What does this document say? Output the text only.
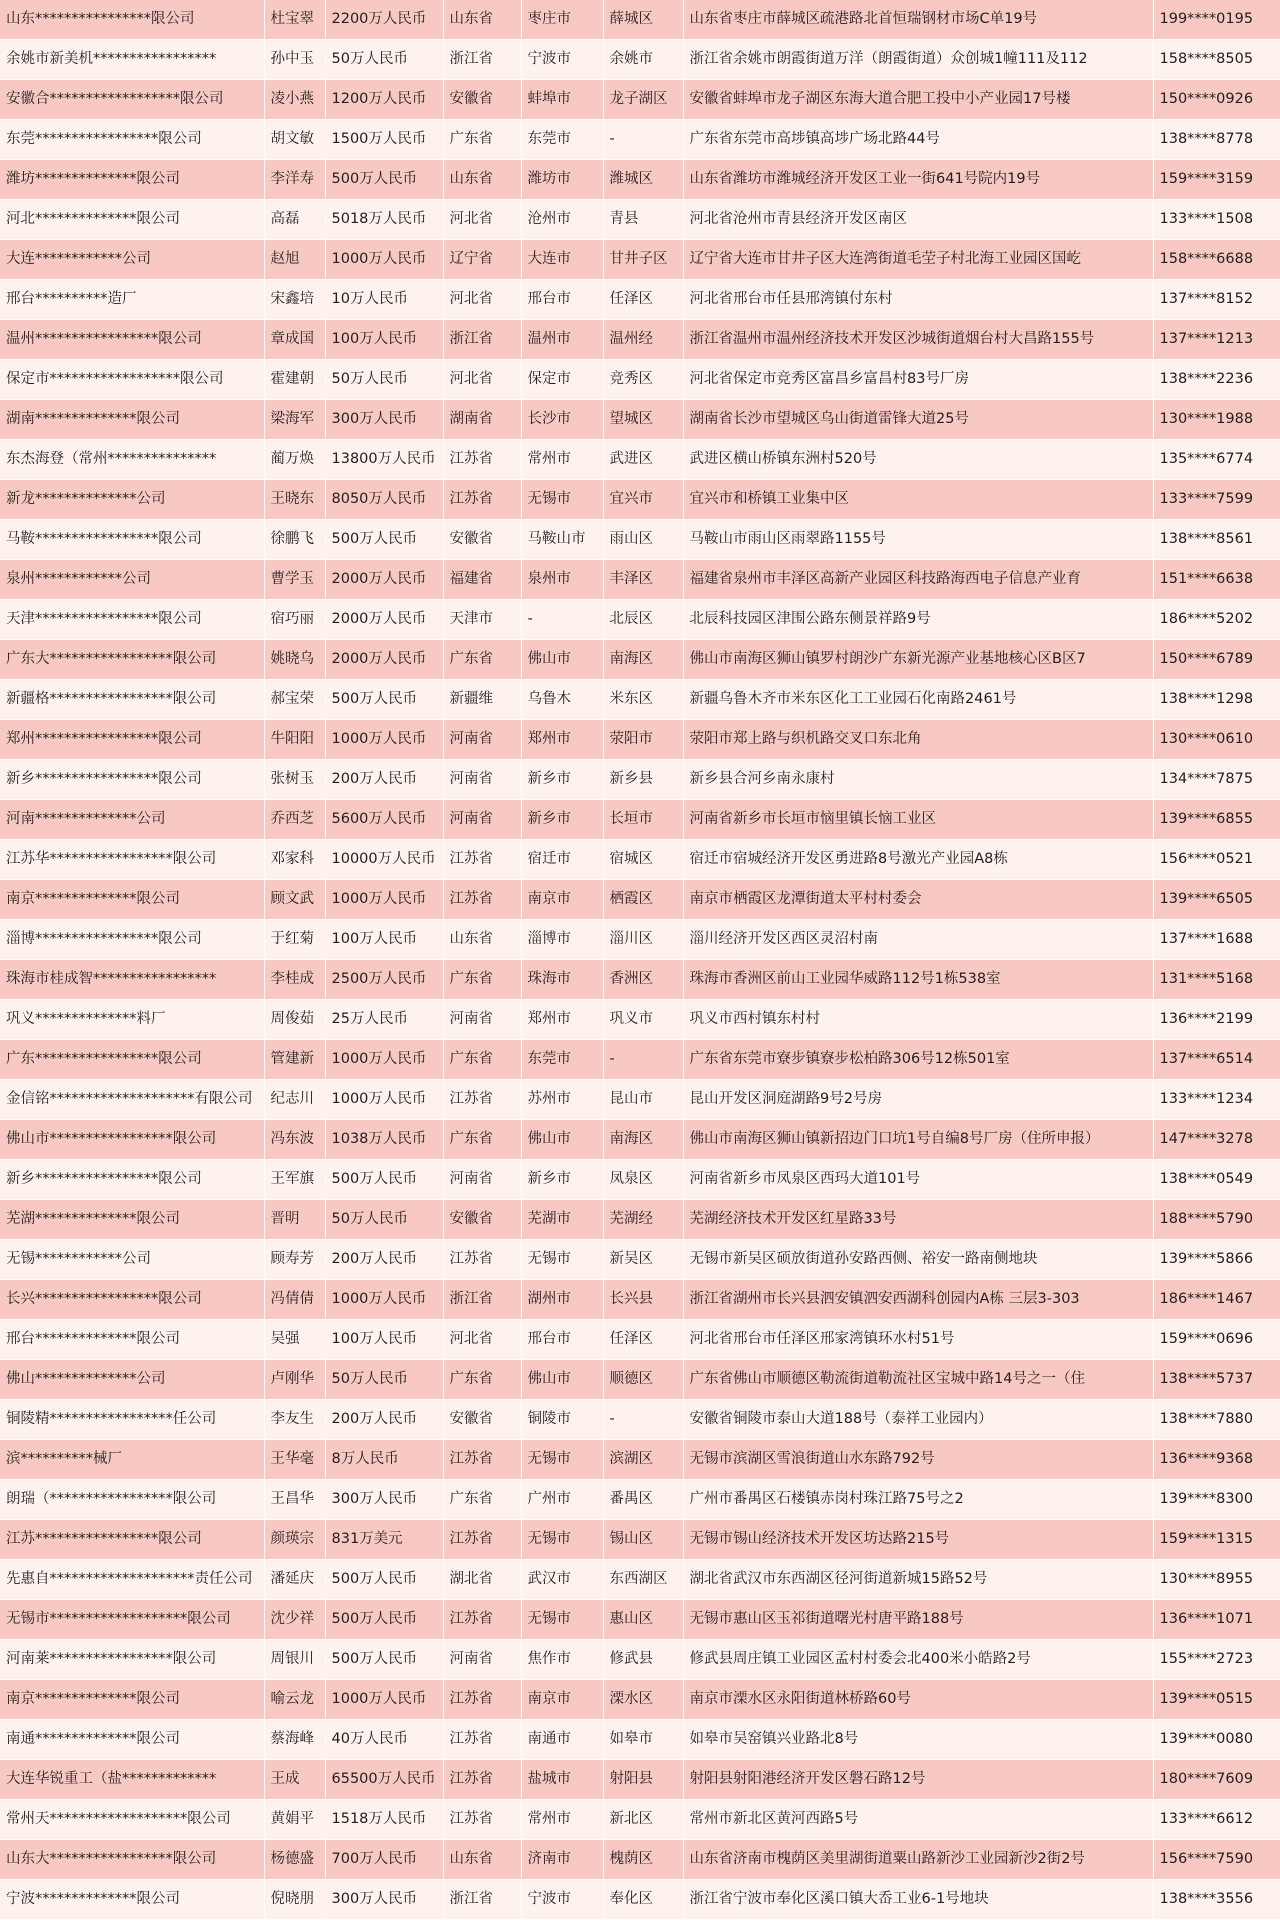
山东****************限公司	杜宝翠	2200万人民币	山东省	枣庄市	薛城区	山东省枣庄市薛城区疏港路北首恒瑞钢材市场C单19号	199****0195
余姚市新美机*****************	孙中玉	50万人民币	浙江省	宁波市	余姚市	浙江省余姚市朗霞街道万洋（朗霞街道）众创城1幢111及112	158****8505
安徽合******************限公司	凌小燕	1200万人民币	安徽省	蚌埠市	龙子湖区	安徽省蚌埠市龙子湖区东海大道合肥工投中小产业园17号楼	150****0926
东莞*****************限公司	胡文敏	1500万人民币	广东省	东莞市	-	广东省东莞市高埗镇高埗广场北路44号	138****8778
潍坊**************限公司	李洋寿	500万人民币	山东省	潍坊市	潍城区	山东省潍坊市潍城经济开发区工业一街641号院内19号	159****3159
河北**************限公司	高磊	5018万人民币	河北省	沧州市	青县	河北省沧州市青县经济开发区南区	133****1508
大连************公司	赵旭	1000万人民币	辽宁省	大连市	甘井子区	辽宁省大连市甘井子区大连湾街道毛茔子村北海工业园区国屹	158****6688
邢台**********造厂	宋鑫培	10万人民币	河北省	邢台市	任泽区	河北省邢台市任县邢湾镇付东村	137****8152
温州*****************限公司	章成国	100万人民币	浙江省	温州市	温州经	浙江省温州市温州经济技术开发区沙城街道烟台村大昌路155号	137****1213
保定市******************限公司	霍建朝	50万人民币	河北省	保定市	竞秀区	河北省保定市竞秀区富昌乡富昌村83号厂房	138****2236
湖南**************限公司	梁海军	300万人民币	湖南省	长沙市	望城区	湖南省长沙市望城区乌山街道雷锋大道25号	130****1988
东杰海登（常州***************	蔺万焕	13800万人民币	江苏省	常州市	武进区	武进区横山桥镇东洲村520号	135****6774
新龙**************公司	王晓东	8050万人民币	江苏省	无锡市	宜兴市	宜兴市和桥镇工业集中区	133****7599
马鞍*****************限公司	徐鹏飞	500万人民币	安徽省	马鞍山市	雨山区	马鞍山市雨山区雨翠路1155号	138****8561
泉州************公司	曹学玉	2000万人民币	福建省	泉州市	丰泽区	福建省泉州市丰泽区高新产业园区科技路海西电子信息产业育	151****6638
天津*****************限公司	宿巧丽	2000万人民币	天津市	-	北辰区	北辰科技园区津围公路东侧景祥路9号	186****5202
广东大*****************限公司	姚晓乌	2000万人民币	广东省	佛山市	南海区	佛山市南海区狮山镇罗村朗沙广东新光源产业基地核心区B区7	150****6789
新疆格*****************限公司	郝宝荣	500万人民币	新疆维	乌鲁木	米东区	新疆乌鲁木齐市米东区化工工业园石化南路2461号	138****1298
郑州*****************限公司	牛阳阳	1000万人民币	河南省	郑州市	荥阳市	荥阳市郑上路与织机路交叉口东北角	130****0610
新乡*****************限公司	张树玉	200万人民币	河南省	新乡市	新乡县	新乡县合河乡南永康村	134****7875
河南**************公司	乔西芝	5600万人民币	河南省	新乡市	长垣市	河南省新乡市长垣市恼里镇长恼工业区	139****6855
江苏华*****************限公司	邓家科	10000万人民币	江苏省	宿迁市	宿城区	宿迁市宿城经济开发区勇进路8号激光产业园A8栋	156****0521
南京**************限公司	顾文武	1000万人民币	江苏省	南京市	栖霞区	南京市栖霞区龙潭街道太平村村委会	139****6505
淄博*****************限公司	于红菊	100万人民币	山东省	淄博市	淄川区	淄川经济开发区西区灵沼村南	137****1688
珠海市桂成智*****************	李桂成	2500万人民币	广东省	珠海市	香洲区	珠海市香洲区前山工业园华威路112号1栋538室	131****5168
巩义**************料厂	周俊茹	25万人民币	河南省	郑州市	巩义市	巩义市西村镇东村村	136****2199
广东*****************限公司	管建新	1000万人民币	广东省	东莞市	-	广东省东莞市寮步镇寮步松柏路306号12栋501室	137****6514
金信铭********************有限公司	纪志川	1000万人民币	江苏省	苏州市	昆山市	昆山开发区洞庭湖路9号2号房	133****1234
佛山市*****************限公司	冯东波	1038万人民币	广东省	佛山市	南海区	佛山市南海区狮山镇新招边门口坑1号自编8号厂房（住所申报）	147****3278
新乡*****************限公司	王军旗	500万人民币	河南省	新乡市	凤泉区	河南省新乡市凤泉区西玛大道101号	138****0549
芜湖**************限公司	晋明	50万人民币	安徽省	芜湖市	芜湖经	芜湖经济技术开发区红星路33号	188****5790
无锡************公司	顾寿芳	200万人民币	江苏省	无锡市	新吴区	无锡市新吴区硕放街道孙安路西侧、裕安一路南侧地块	139****5866
长兴*****************限公司	冯倩倩	1000万人民币	浙江省	湖州市	长兴县	浙江省湖州市长兴县泗安镇泗安西湖科创园内A栋 三层3-303	186****1467
邢台**************限公司	吴强	100万人民币	河北省	邢台市	任泽区	河北省邢台市任泽区邢家湾镇环水村51号	159****0696
佛山**************公司	卢刚华	50万人民币	广东省	佛山市	顺德区	广东省佛山市顺德区勒流街道勒流社区宝城中路14号之一（住	138****5737
铜陵精*****************任公司	李友生	200万人民币	安徽省	铜陵市	-	安徽省铜陵市泰山大道188号（泰祥工业园内）	138****7880
滨**********械厂	王华毫	8万人民币	江苏省	无锡市	滨湖区	无锡市滨湖区雪浪街道山水东路792号	136****9368
朗瑞（*****************限公司	王昌华	300万人民币	广东省	广州市	番禺区	广州市番禺区石楼镇赤岗村珠江路75号之2	139****8300
江苏*****************限公司	颜瑛宗	831万美元	江苏省	无锡市	锡山区	无锡市锡山经济技术开发区坊达路215号	159****1315
先惠自********************责任公司	潘延庆	500万人民币	湖北省	武汉市	东西湖区	湖北省武汉市东西湖区径河街道新城15路52号	130****8955
无锡市*******************限公司	沈少祥	500万人民币	江苏省	无锡市	惠山区	无锡市惠山区玉祁街道曙光村唐平路188号	136****1071
河南莱*****************限公司	周银川	500万人民币	河南省	焦作市	修武县	修武县周庄镇工业园区孟村村委会北400米小皓路2号	155****2723
南京**************限公司	喻云龙	1000万人民币	江苏省	南京市	溧水区	南京市溧水区永阳街道林桥路60号	139****0515
南通**************限公司	蔡海峰	40万人民币	江苏省	南通市	如皋市	如皋市吴窑镇兴业路北8号	139****0080
大连华锐重工（盐*************	王成	65500万人民币	江苏省	盐城市	射阳县	射阳县射阳港经济开发区磐石路12号	180****7609
常州天*******************限公司	黄娟平	1518万人民币	江苏省	常州市	新北区	常州市新北区黄河西路5号	133****6612
山东大*****************限公司	杨德盛	700万人民币	山东省	济南市	槐荫区	山东省济南市槐荫区美里湖街道粟山路新沙工业园新沙2街2号	156****7590
宁波**************限公司	倪晓朋	300万人民币	浙江省	宁波市	奉化区	浙江省宁波市奉化区溪口镇大岙工业6-1号地块	138****3556
